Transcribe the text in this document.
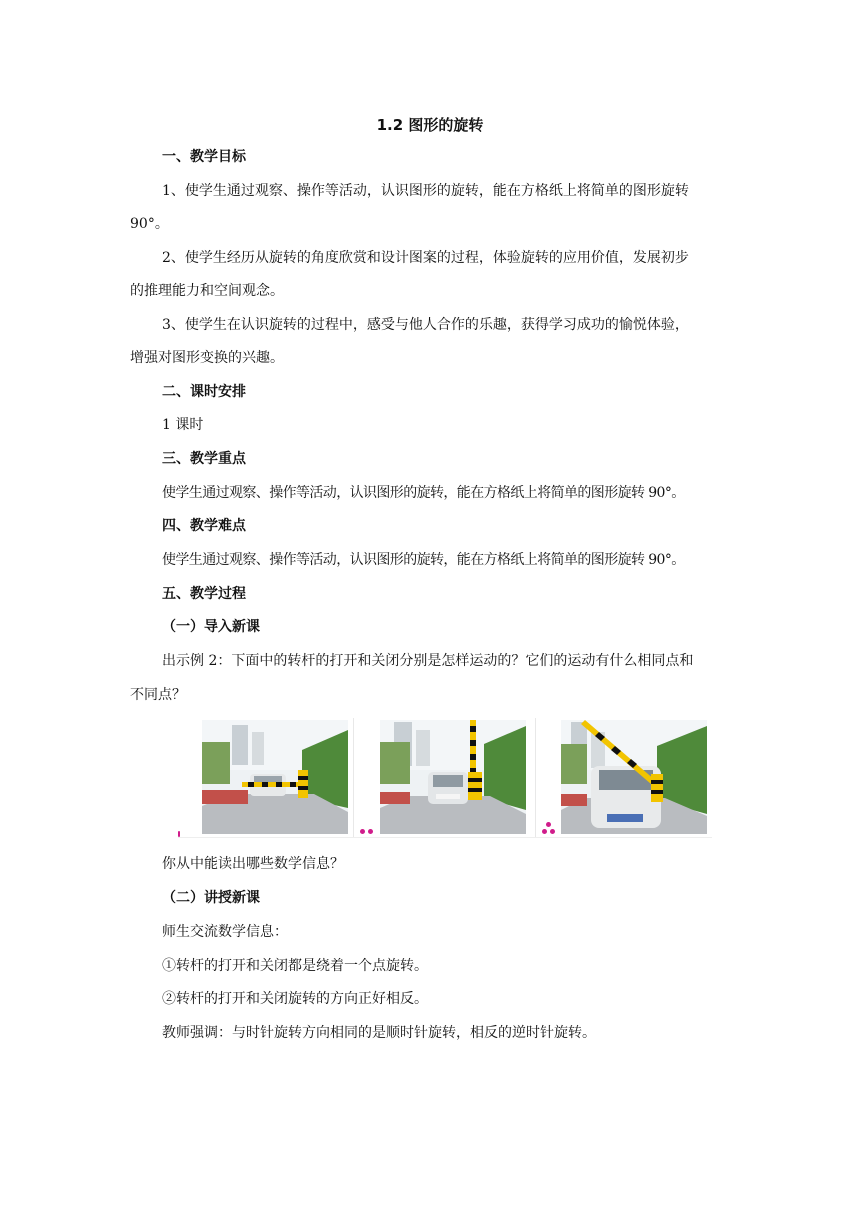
1.2 图形的旋转
一、教学目标
1、使学生通过观察、操作等活动，认识图形的旋转，能在方格纸上将简单的图形旋转
90°。
2、使学生经历从旋转的角度欣赏和设计图案的过程，体验旋转的应用价值，发展初步
的推理能力和空间观念。
3、使学生在认识旋转的过程中，感受与他人合作的乐趣，获得学习成功的愉悦体验，
增强对图形变换的兴趣。
二、课时安排
1 课时
三、教学重点
使学生通过观察、操作等活动，认识图形的旋转，能在方格纸上将简单的图形旋转 90°。
四、教学难点
使学生通过观察、操作等活动，认识图形的旋转，能在方格纸上将简单的图形旋转 90°。
五、教学过程
（一）导入新课
出示例 2：下面中的转杆的打开和关闭分别是怎样运动的？它们的运动有什么相同点和
不同点？
你从中能读出哪些数学信息？
（二）讲授新课
师生交流数学信息：
①转杆的打开和关闭都是绕着一个点旋转。
②转杆的打开和关闭旋转的方向正好相反。
教师强调：与时针旋转方向相同的是顺时针旋转，相反的逆时针旋转。
